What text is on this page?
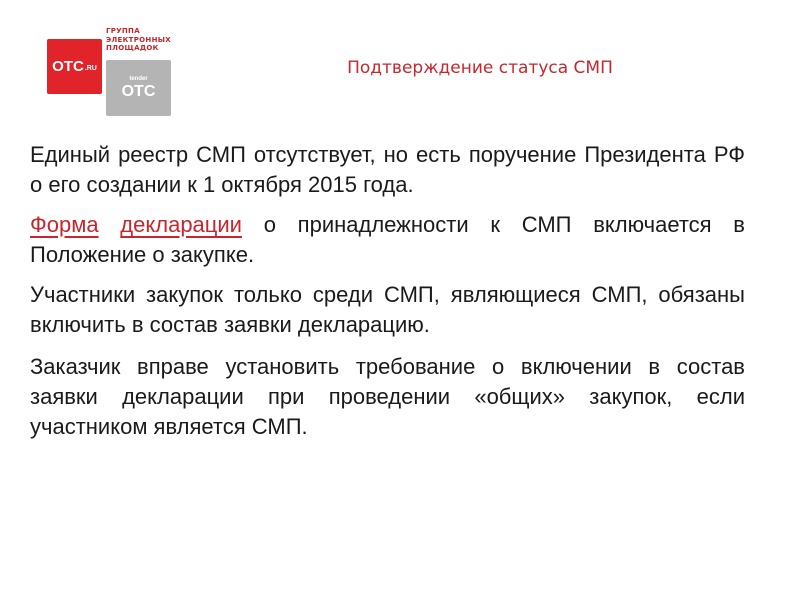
OTC .RU
ГРУППА
ЭЛЕКТРОННЫХ
ПЛОЩАДОК
tender
OTC
Подтверждение статуса СМП

Единый реестр СМП отсутствует, но есть поручение Президента РФ о его создании к 1 октября 2015 года.

Форма декларации о принадлежности к СМП включается в Положение о закупке.

Участники закупок только среди СМП, являющиеся СМП, обязаны включить в состав заявки декларацию.

Заказчик вправе установить требование о включении в состав заявки декларации при проведении «общих» закупок, если участником является СМП.
